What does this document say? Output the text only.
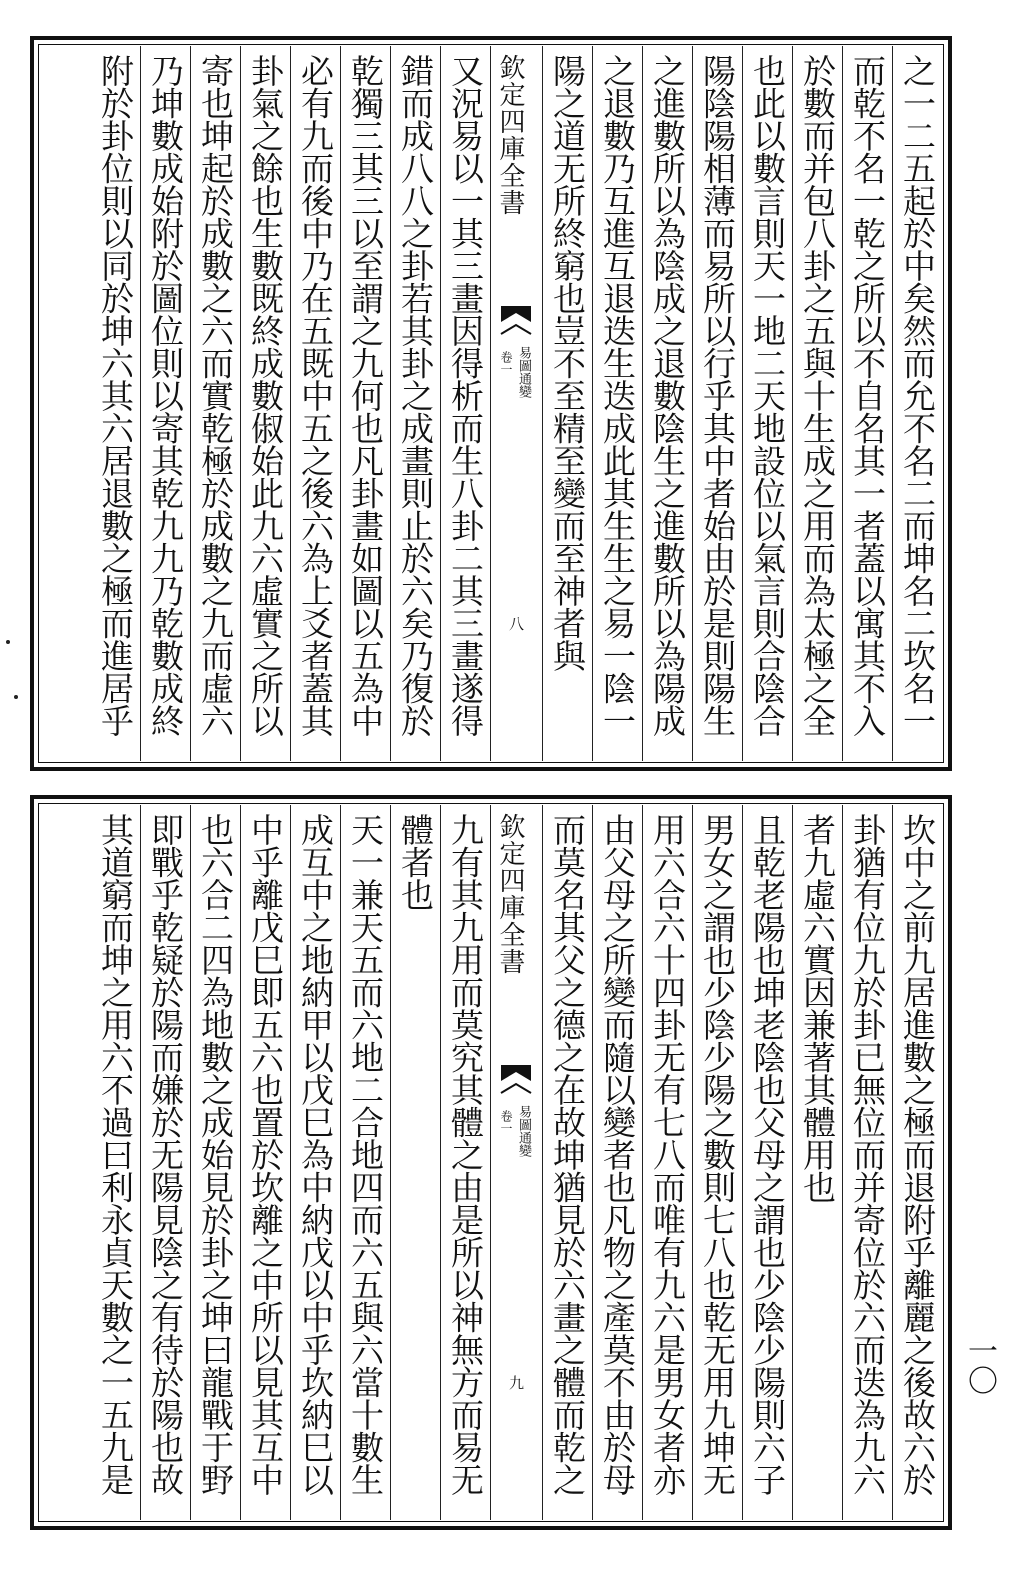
之一二五起於中矣然而允不名二而坤名二坎名一
而乾不名一乾之所以不自名其一者蓋以寓其不入
於數而并包八卦之五與十生成之用而為太極之全
也此以數言則天一地二天地設位以氣言則合陰合
陽陰陽相薄而易所以行乎其中者始由於是則陽生
之進數所以為陰成之退數陰生之進數所以為陽成
之退數乃互進互退迭生迭成此其生生之易一陰一
陽之道无所終窮也豈不至精至變而至神者與
欽定四庫全書
易圖通變
卷一
八
又況易以一其三畫因得析而生八卦二其三畫遂得
錯而成八八之卦若其卦之成畫則止於六矣乃復於
乾獨三其三以至謂之九何也凡卦畫如圖以五為中
必有九而後中乃在五既中五之後六為上爻者蓋其
卦氣之餘也生數既終成數俶始此九六虛實之所以
寄也坤起於成數之六而實乾極於成數之九而虛六
乃坤數成始附於圖位則以寄其乾九九乃乾數成終
附於卦位則以同於坤六其六居退數之極而進居乎
坎中之前九居進數之極而退附乎離麗之後故六於
卦猶有位九於卦已無位而并寄位於六而迭為九六
者九虛六實因兼著其體用也
且乾老陽也坤老陰也父母之謂也少陰少陽則六子
男女之謂也少陰少陽之數則七八也乾无用九坤无
用六合六十四卦无有七八而唯有九六是男女者亦
由父母之所變而隨以變者也凡物之產莫不由於母
而莫名其父之德之在故坤猶見於六畫之體而乾之
欽定四庫全書
易圖通變
卷一
九
九有其九用而莫究其體之由是所以神無方而易无
體者也
天一兼天五而六地二合地四而六五與六當十數生
成互中之地納甲以戊巳為中納戊以中乎坎納巳以
中乎離戊巳即五六也置於坎離之中所以見其互中
也六合二四為地數之成始見於卦之坤曰龍戰于野
即戰乎乾疑於陽而嫌於无陽見陰之有待於陽也故
其道窮而坤之用六不過曰利永貞天數之一五九是	一〇
